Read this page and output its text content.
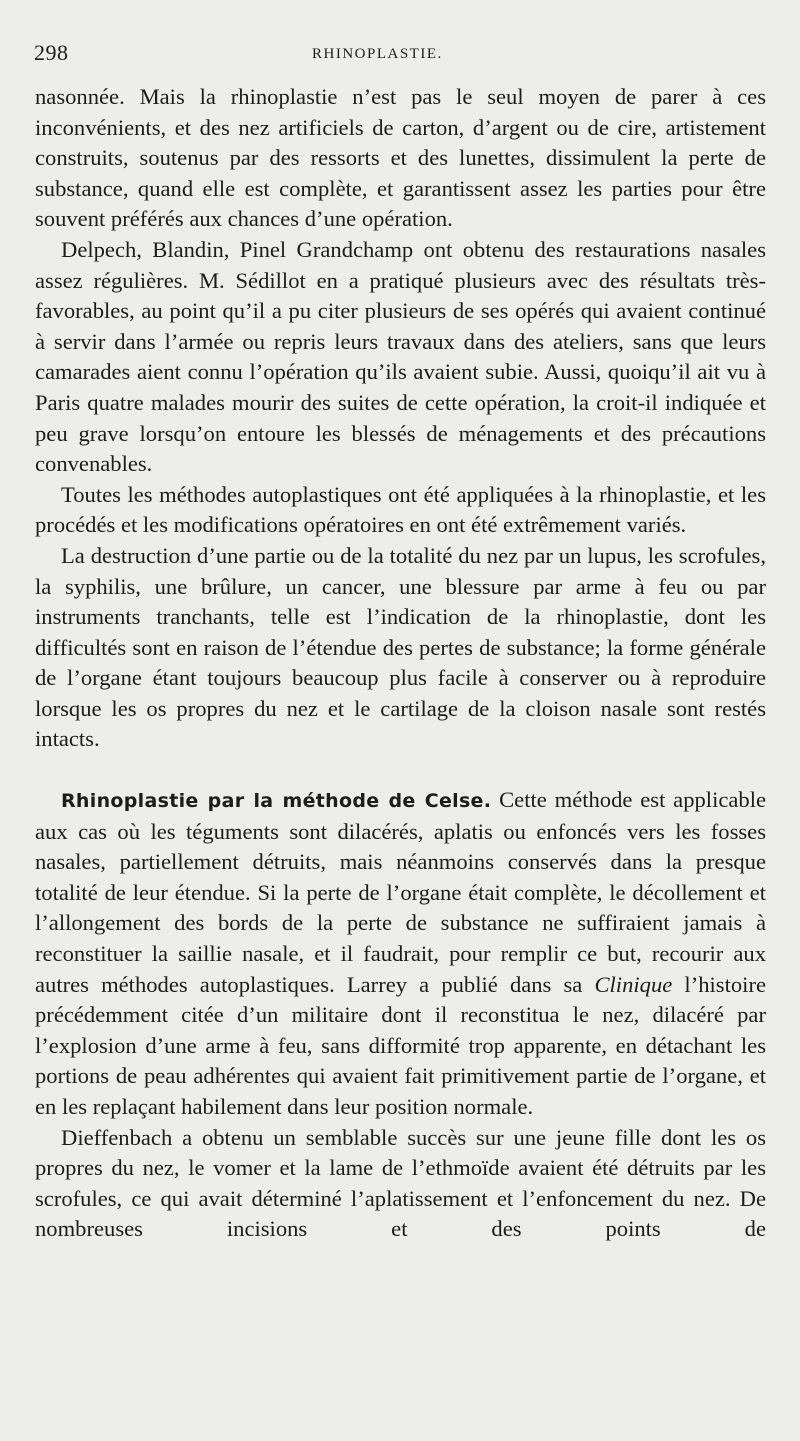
298	RHINOPLASTIE.

nasonnée. Mais la rhinoplastie n’est pas le seul moyen de parer à ces inconvénients, et des nez artificiels de carton, d’argent ou de cire, artistement construits, soutenus par des ressorts et des lunettes, dissimulent la perte de substance, quand elle est complète, et garantissent assez les parties pour être souvent préférés aux chances d’une opération.

Delpech, Blandin, Pinel Grandchamp ont obtenu des restaurations nasales assez régulières. M. Sédillot en a pratiqué plusieurs avec des résultats très-favorables, au point qu’il a pu citer plusieurs de ses opérés qui avaient continué à servir dans l’armée ou repris leurs travaux dans des ateliers, sans que leurs camarades aient connu l’opération qu’ils avaient subie. Aussi, quoiqu’il ait vu à Paris quatre malades mourir des suites de cette opération, la croit-il indiquée et peu grave lorsqu’on entoure les blessés de ménagements et des précautions convenables.

Toutes les méthodes autoplastiques ont été appliquées à la rhinoplastie, et les procédés et les modifications opératoires en ont été extrêmement variés.

La destruction d’une partie ou de la totalité du nez par un lupus, les scrofules, la syphilis, une brûlure, un cancer, une blessure par arme à feu ou par instruments tranchants, telle est l’indication de la rhinoplastie, dont les difficultés sont en raison de l’étendue des pertes de substance; la forme générale de l’organe étant toujours beaucoup plus facile à conserver ou à reproduire lorsque les os propres du nez et le cartilage de la cloison nasale sont restés intacts.

Rhinoplastie par la méthode de Celse. Cette méthode est applicable aux cas où les téguments sont dilacérés, aplatis ou enfoncés vers les fosses nasales, partiellement détruits, mais néanmoins conservés dans la presque totalité de leur étendue. Si la perte de l’organe était complète, le décollement et l’allongement des bords de la perte de substance ne suffiraient jamais à reconstituer la saillie nasale, et il faudrait, pour remplir ce but, recourir aux autres méthodes autoplastiques. Larrey a publié dans sa Clinique l’histoire précédemment citée d’un militaire dont il reconstitua le nez, dilacéré par l’explosion d’une arme à feu, sans difformité trop apparente, en détachant les portions de peau adhérentes qui avaient fait primitivement partie de l’organe, et en les replaçant habilement dans leur position normale.

Dieffenbach a obtenu un semblable succès sur une jeune fille dont les os propres du nez, le vomer et la lame de l’ethmoïde avaient été détruits par les scrofules, ce qui avait déterminé l’aplatissement et l’enfoncement du nez. De nombreuses incisions et des points de
